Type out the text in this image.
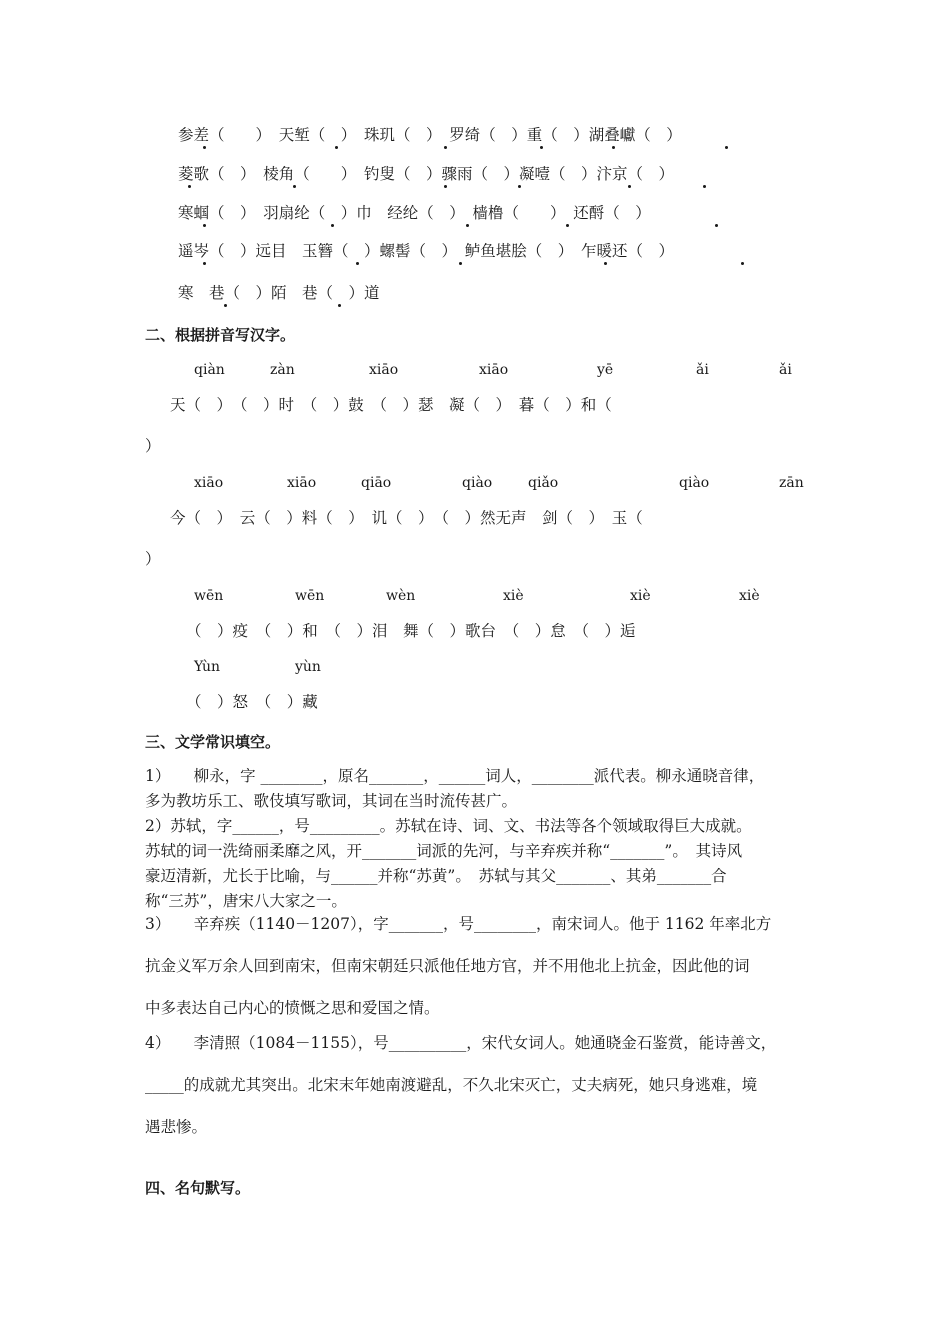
参差（　　）　天堑（　）　珠玑（　）　罗绮（　）重（　）湖叠巘（　）
菱歌（　）　棱角（　　）　钓叟（　）骤雨（　）凝噎（　）汴京（　）
寒蝈（　）　羽扇纶（　）巾　经纶（　）　樯橹（　　）　还酹（　）
遥岑（　）远目　玉簪（　）螺髻（　）　鲈鱼堪脍（　）　乍暖还（　）
寒　巷（　）陌　巷（　）道
二、根据拼音写汉字。
qiàn	zàn	xiāo	xiāo	yē	ǎi	ǎi
天（　）　（　）时　（　）鼓　（　）瑟　凝（　）　暮（　）和（
）
xiāo	xiāo	qiāo	qiào	qiǎo	qiào	zān
今（　）　云（　）料（　）　讥（　）　（　）然无声　剑（　）　玉（
）
wēn	wēn	wèn	xiè	xiè	xiè
（　）疫　（　）和　（　）泪　舞（　）歌台　（　）怠　（　）逅
Yùn	yùn
（　）怒　（　）藏
三、文学常识填空。
1）　　柳永，字 ________，原名_______，______词人，________派代表。柳永通晓音律，
多为教坊乐工、歌伎填写歌词，其词在当时流传甚广。
2）苏轼，字______，号_________。苏轼在诗、词、文、书法等各个领域取得巨大成就。
苏轼的词一洗绮丽柔靡之风，开_______词派的先河，与辛弃疾并称“_______”。　其诗风
豪迈清新，尤长于比喻，与______并称“苏黄”。　苏轼与其父_______、其弟_______合
称“三苏”，唐宋八大家之一。
3）　　辛弃疾（1140－1207），字_______，号________，南宋词人。他于 1162 年率北方
抗金义军万余人回到南宋，但南宋朝廷只派他任地方官，并不用他北上抗金，因此他的词
中多表达自己内心的愤慨之思和爱国之情。
4）　　李清照（1084－1155），号__________，宋代女词人。她通晓金石鉴赏，能诗善文，
_____的成就尤其突出。北宋末年她南渡避乱，不久北宋灭亡，丈夫病死，她只身逃难，境
遇悲惨。
四、名句默写。
